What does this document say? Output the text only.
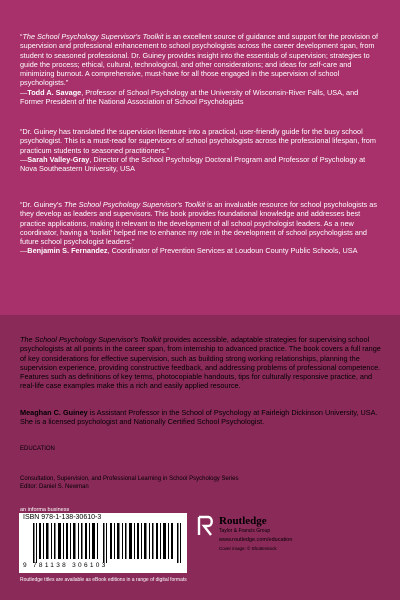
“The School Psychology Supervisor's Toolkit is an excellent source of guidance and support for the provision of supervision and professional enhancement to school psychologists across the career development span, from student to seasoned professional. Dr. Guiney provides insight into the essentials of supervision; strategies to guide the process; ethical, cultural, technological, and other considerations; and ideas for self-care and minimizing burnout. A comprehensive, must-have for all those engaged in the supervision of school psychologists.”
—Todd A. Savage, Professor of School Psychology at the University of Wisconsin-River Falls, USA, and Former President of the National Association of School Psychologists
“Dr. Guiney has translated the supervision literature into a practical, user-friendly guide for the busy school psychologist. This is a must-read for supervisors of school psychologists across the professional lifespan, from practicum students to seasoned practitioners.”
—Sarah Valley-Gray, Director of the School Psychology Doctoral Program and Professor of Psychology at Nova Southeastern University, USA
“Dr. Guiney's The School Psychology Supervisor's Toolkit is an invaluable resource for school psychologists as they develop as leaders and supervisors. This book provides foundational knowledge and addresses best practice applications, making it relevant to the development of all school psychologist leaders. As a new coordinator, having a ‘toolkit’ helped me to enhance my role in the development of school psychologists and future school psychologist leaders.”
—Benjamin S. Fernandez, Coordinator of Prevention Services at Loudoun County Public Schools, USA
The School Psychology Supervisor's Toolkit provides accessible, adaptable strategies for supervising school psychologists at all points in the career span, from internship to advanced practice. The book covers a full range of key considerations for effective supervision, such as building strong working relationships, planning the supervision experience, providing constructive feedback, and addressing problems of professional competence. Features such as definitions of key terms, photocopiable handouts, tips for culturally responsive practice, and real-life case examples make this a rich and easily applied resource.
Meaghan C. Guiney is Assistant Professor in the School of Psychology at Fairleigh Dickinson University, USA. She is a licensed psychologist and Nationally Certified School Psychologist.
EDUCATION
Consultation, Supervision, and Professional Learning in School Psychology Series
Editor: Daniel S. Newman
an informa business
ISBN 978-1-138-30610-3
9 781138 306103
Routledge
Taylor & Francis Group
www.routledge.com/education
Cover image: © Shutterstock
Routledge titles are available as eBook editions in a range of digital formats
